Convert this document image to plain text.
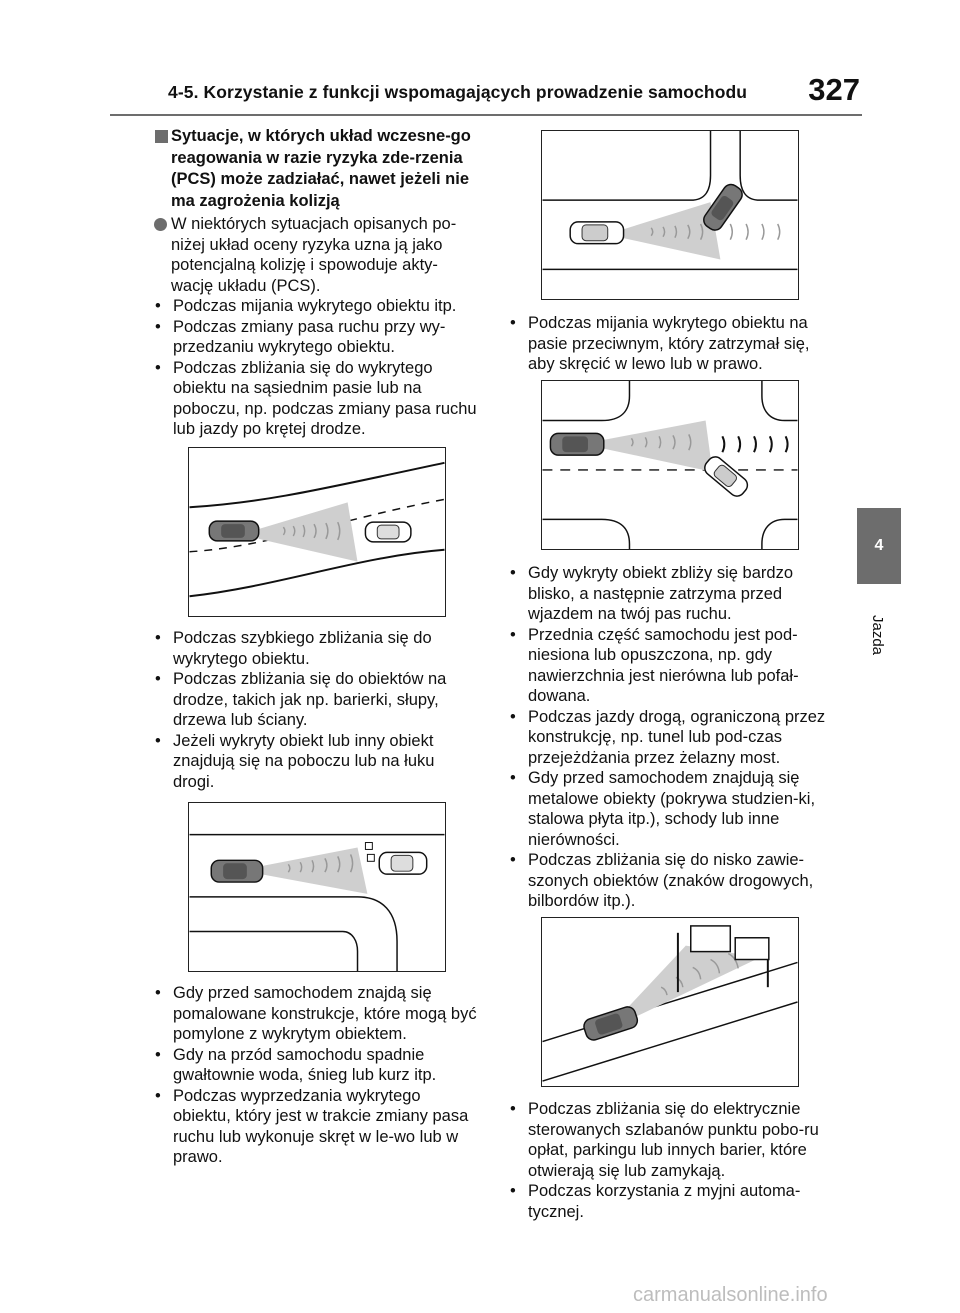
4-5. Korzystanie z funkcji wspomagających prowadzenie samochodu	327
4
Jazda
Sytuacje, w których układ wczesne-go reagowania w razie ryzyka zde-rzenia (PCS) może zadziałać, nawet jeżeli nie ma zagrożenia kolizją
W niektórych sytuacjach opisanych po-niżej układ oceny ryzyka uzna ją jako potencjalną kolizję i spowoduje akty-wację układu (PCS).
• Podczas mijania wykrytego obiektu itp.
• Podczas zmiany pasa ruchu przy wy-przedzaniu wykrytego obiektu.
• Podczas zbliżania się do wykrytego obiektu na sąsiednim pasie lub na poboczu, np. podczas zmiany pasa ruchu lub jazdy po krętej drodze.
• Podczas szybkiego zbliżania się do wykrytego obiektu.
• Podczas zbliżania się do obiektów na drodze, takich jak np. barierki, słupy, drzewa lub ściany.
• Jeżeli wykryty obiekt lub inny obiekt znajdują się na poboczu lub na łuku drogi.
• Gdy przed samochodem znajdą się pomalowane konstrukcje, które mogą być pomylone z wykrytym obiektem.
• Gdy na przód samochodu spadnie gwałtownie woda, śnieg lub kurz itp.
• Podczas wyprzedzania wykrytego obiektu, który jest w trakcie zmiany pasa ruchu lub wykonuje skręt w le-wo lub w prawo.
• Podczas mijania wykrytego obiektu na pasie przeciwnym, który zatrzymał się, aby skręcić w lewo lub w prawo.
• Gdy wykryty obiekt zbliży się bardzo blisko, a następnie zatrzyma przed wjazdem na twój pas ruchu.
• Przednia część samochodu jest pod-niesiona lub opuszczona, np. gdy nawierzchnia jest nierówna lub pofał-dowana.
• Podczas jazdy drogą, ograniczoną przez konstrukcję, np. tunel lub pod-czas przejeżdżania przez żelazny most.
• Gdy przed samochodem znajdują się metalowe obiekty (pokrywa studzien-ki, stalowa płyta itp.), schody lub inne nierówności.
• Podczas zbliżania się do nisko zawie-szonych obiektów (znaków drogowych, bilbordów itp.).
• Podczas zbliżania się do elektrycznie sterowanych szlabanów punktu pobo-ru opłat, parkingu lub innych barier, które otwierają się lub zamykają.
• Podczas korzystania z myjni automa-tycznej.
carmanualsonline.info
